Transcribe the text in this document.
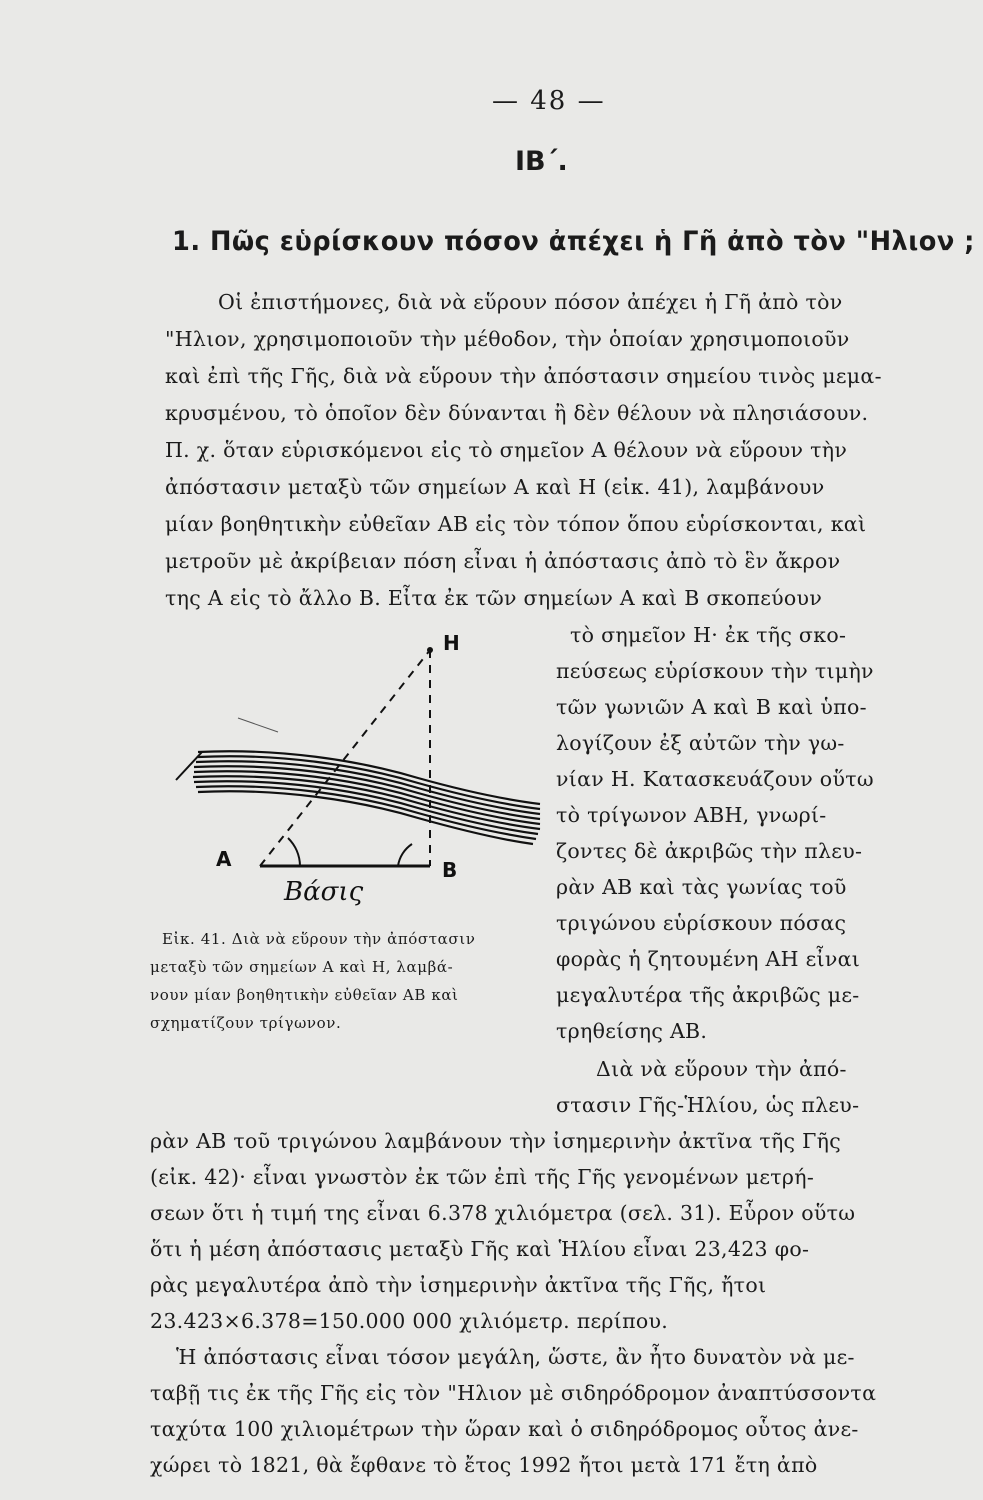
— 48 —
ΙΒ΄.
1. Πῶς εὑρίσκουν πόσον ἀπέχει ἡ Γῆ ἀπὸ τὸν "Ηλιον ;
Οἱ ἐπιστήμονες, διὰ νὰ εὕρουν πόσον ἀπέχει ἡ Γῆ ἀπὸ τὸν
"Ηλιον, χρησιμοποιοῦν τὴν μέθοδον, τὴν ὁποίαν χρησιμοποιοῦν
καὶ ἐπὶ τῆς Γῆς, διὰ νὰ εὕρουν τὴν ἀπόστασιν σημείου τινὸς μεμα-
κρυσμένου, τὸ ὁποῖον δὲν δύνανται ἢ δὲν θέλουν νὰ πλησιάσουν.
Π. χ. ὅταν εὑρισκόμενοι εἰς τὸ σημεῖον Α θέλουν νὰ εὕρουν τὴν
ἀπόστασιν μεταξὺ τῶν σημείων Α καὶ Η (εἰκ. 41), λαμβάνουν
μίαν βοηθητικὴν εὐθεῖαν ΑΒ εἰς τὸν τόπον ὅπου εὑρίσκονται, καὶ
μετροῦν μὲ ἀκρίβειαν πόση εἶναι ἡ ἀπόστασις ἀπὸ τὸ ἓν ἄκρον
της Α εἰς τὸ ἄλλο Β. Εἶτα ἐκ τῶν σημείων Α καὶ Β σκοπεύουν
τὸ σημεῖον Η· ἐκ τῆς σκο-
πεύσεως εὑρίσκουν τὴν τιμὴν
τῶν γωνιῶν Α καὶ Β καὶ ὑπο-
λογίζουν ἐξ αὐτῶν τὴν γω-
νίαν Η. Κατασκευάζουν οὕτω
τὸ τρίγωνον ΑΒΗ, γνωρί-
ζοντες δὲ ἀκριβῶς τὴν πλευ-
ρὰν ΑΒ καὶ τὰς γωνίας τοῦ
τριγώνου εὑρίσκουν πόσας
φορὰς ἡ ζητουμένη ΑΗ εἶναι
μεγαλυτέρα τῆς ἀκριβῶς με-
τρηθείσης ΑΒ.
Διὰ νὰ εὕρουν τὴν ἀπό-
στασιν Γῆς-Ἡλίου, ὡς πλευ-
Η
Α	Β
Βάσις
Εἰκ. 41. Διὰ νὰ εὕρουν τὴν ἀπόστασιν
μεταξὺ τῶν σημείων Α καὶ Η, λαμβά-
νουν μίαν βοηθητικὴν εὐθεῖαν ΑΒ καὶ
σχηματίζουν τρίγωνον.
ρὰν ΑΒ τοῦ τριγώνου λαμβάνουν τὴν ἰσημερινὴν ἀκτῖνα τῆς Γῆς
(εἰκ. 42)· εἶναι γνωστὸν ἐκ τῶν ἐπὶ τῆς Γῆς γενομένων μετρή-
σεων ὅτι ἡ τιμή της εἶναι 6.378 χιλιόμετρα (σελ. 31). Εὗρον οὕτω
ὅτι ἡ μέση ἀπόστασις μεταξὺ Γῆς καὶ Ἡλίου εἶναι 23,423 φο-
ρὰς μεγαλυτέρα ἀπὸ τὴν ἰσημερινὴν ἀκτῖνα τῆς Γῆς, ἤτοι
23.423×6.378=150.000 000 χιλιόμετρ. περίπου.
Ἡ ἀπόστασις εἶναι τόσον μεγάλη, ὥστε, ἂν ἦτο δυνατὸν νὰ με-
ταβῇ τις ἐκ τῆς Γῆς εἰς τὸν "Ηλιον μὲ σιδηρόδρομον ἀναπτύσσοντα
ταχύτα 100 χιλιομέτρων τὴν ὥραν καὶ ὁ σιδηρόδρομος οὗτος ἀνε-
χώρει τὸ 1821, θὰ ἔφθανε τὸ ἔτος 1992 ἤτοι μετὰ 171 ἔτη ἀπὸ
